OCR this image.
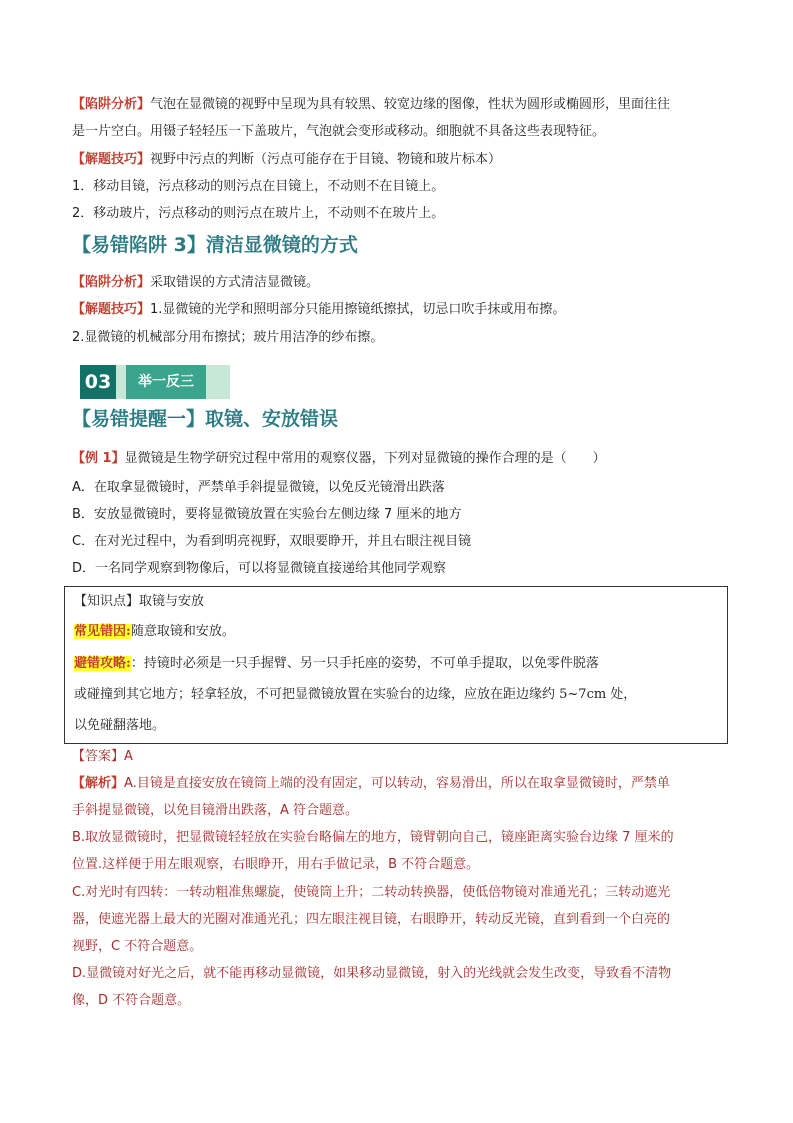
【陷阱分析】气泡在显微镜的视野中呈现为具有较黑、较宽边缘的图像，性状为圆形或椭圆形，里面往往
是一片空白。用镊子轻轻压一下盖玻片，气泡就会变形或移动。细胞就不具备这些表现特征。
【解题技巧】视野中污点的判断（污点可能存在于目镜、物镜和玻片标本）
1．移动目镜，污点移动的则污点在目镜上，不动则不在目镜上。
2．移动玻片，污点移动的则污点在玻片上，不动则不在玻片上。
【易错陷阱 3】清洁显微镜的方式
【陷阱分析】采取错误的方式清洁显微镜。
【解题技巧】1.显微镜的光学和照明部分只能用擦镜纸擦拭，切忌口吹手抹或用布擦。
2.显微镜的机械部分用布擦拭；玻片用洁净的纱布擦。
03	举一反三
【易错提醒一】取镜、安放错误
【例 1】显微镜是生物学研究过程中常用的观察仪器，下列对显微镜的操作合理的是（　　）
A．在取拿显微镜时，严禁单手斜提显微镜，以免反光镜滑出跌落
B．安放显微镜时，要将显微镜放置在实验台左侧边缘 7 厘米的地方
C．在对光过程中，为看到明亮视野，双眼要睁开，并且右眼注视目镜
D．一名同学观察到物像后，可以将显微镜直接递给其他同学观察
【知识点】取镜与安放
常见错因:随意取镜和安放。
避错攻略:：持镜时必须是一只手握臂、另一只手托座的姿势，不可单手提取，以免零件脱落
或碰撞到其它地方；轻拿轻放，不可把显微镜放置在实验台的边缘，应放在距边缘约 5~7cm 处，
以免碰翻落地。
【答案】A
【解析】A.目镜是直接安放在镜筒上端的没有固定，可以转动，容易滑出，所以在取拿显微镜时，严禁单
手斜提显微镜，以免目镜滑出跌落，A 符合题意。
B.取放显微镜时，把显微镜轻轻放在实验台略偏左的地方，镜臂朝向自己，镜座距离实验台边缘 7 厘米的
位置.这样便于用左眼观察，右眼睁开，用右手做记录，B 不符合题意。
C.对光时有四转：一转动粗准焦螺旋，使镜筒上升；二转动转换器，使低倍物镜对准通光孔；三转动遮光
器，使遮光器上最大的光圈对准通光孔；四左眼注视目镜，右眼睁开，转动反光镜，直到看到一个白亮的
视野，C 不符合题意。
D.显微镜对好光之后，就不能再移动显微镜，如果移动显微镜，射入的光线就会发生改变，导致看不清物
像，D 不符合题意。
